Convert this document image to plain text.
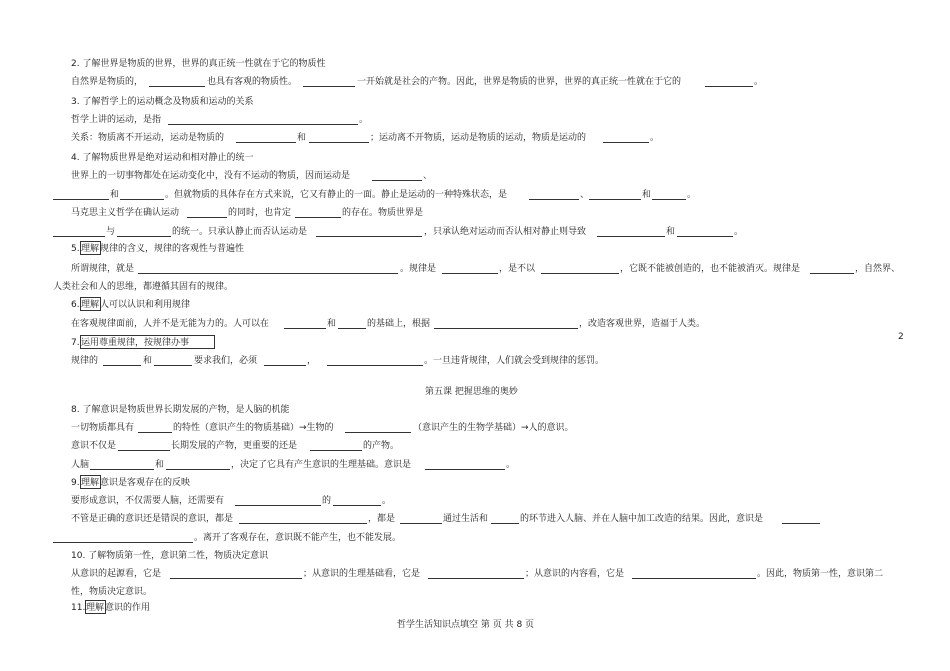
2. 了解世界是物质的世界，世界的真正统一性就在于它的物质性
自然界是物质的，	也具有客观的物质性。	一开始就是社会的产物。因此，世界是物质的世界，世界的真正统一性就在于它的	。
3. 了解哲学上的运动概念及物质和运动的关系
哲学上讲的运动，是指	。
关系：物质离不开运动，运动是物质的	和	；运动离不开物质，运动是物质的运动，物质是运动的	。
4. 了解物质世界是绝对运动和相对静止的统一
世界上的一切事物都处在运动变化中，没有不运动的物质，因而运动是	、
和	。但就物质的具体存在方式来说，它又有静止的一面。静止是运动的一种特殊状态，是	、	和	。
马克思主义哲学在确认运动	的同时，也肯定	的存在。物质世界是
与	的统一。只承认静止而否认运动是	，只承认绝对运动而否认相对静止则导致	和	。
5. 理解 规律的含义，规律的客观性与普遍性
所谓规律，就是	。规律是	，是不以	，它既不能被创造的，也不能被消灭。规律是	，自然界、
人类社会和人的思维，都遵循其固有的规律。
6. 理解 人可以认识和利用规律
在客观规律面前，人并不是无能为力的。人可以在	和	的基础上，根据	，改造客观世界，造福于人类。
7. 运用尊重规律，按规律办事
规律的	和	要求我们，必须	，	。一旦违背规律，人们就会受到规律的惩罚。
2
第五课 把握思维的奥妙
8. 了解意识是物质世界长期发展的产物，是人脑的机能
一切物质都具有	的特性（意识产生的物质基础）→生物的	（意识产生的生物学基础）→人的意识。
意识不仅是	长期发展的产物，更重要的还是	的产物。
人脑	和	，决定了它具有产生意识的生理基础。意识是	。
9. 理解 意识是客观存在的反映
要形成意识，不仅需要人脑，还需要有	的	。
不管是正确的意识还是错误的意识，都是	，都是	通过生活和	的环节进入人脑、并在人脑中加工改造的结果。因此，意识是
。离开了客观存在，意识既不能产生，也不能发展。
10. 了解物质第一性，意识第二性，物质决定意识
从意识的起源看，它是	；从意识的生理基础看，它是	；从意识的内容看，它是	。因此，物质第一性，意识第二
性，物质决定意识。
11. 理解 意识的作用
哲学生活知识点填空 第 页 共 8 页
